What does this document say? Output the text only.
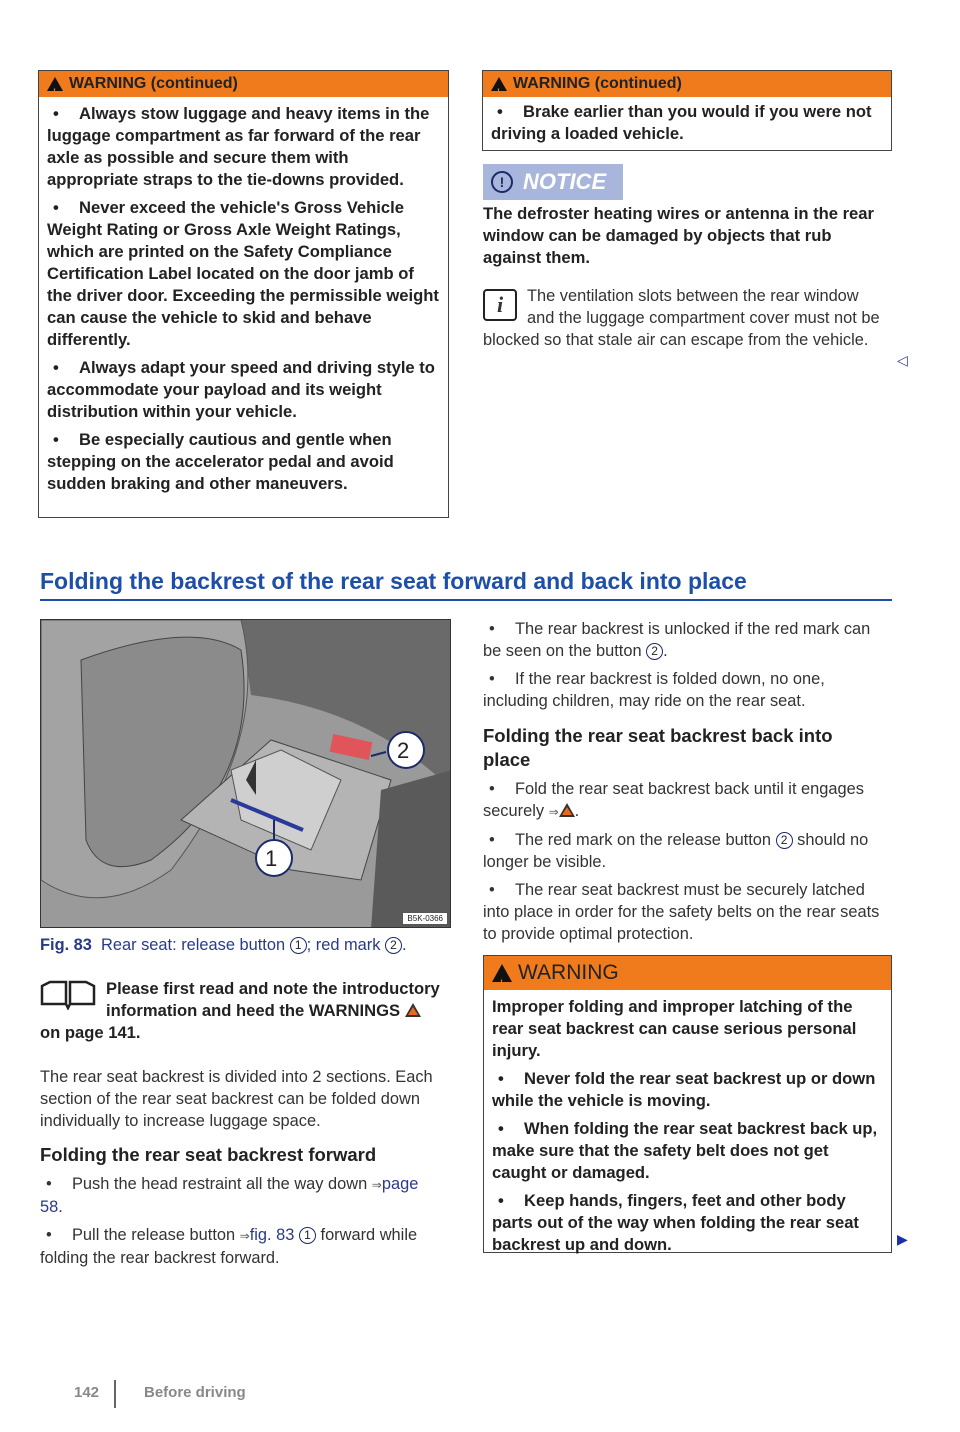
!
WARNING (continued)

• Always stow luggage and heavy items in the luggage compartment as far forward of the rear axle as possible and secure them with appropriate straps to the tie-downs provided.

• Never exceed the vehicle's Gross Vehicle Weight Rating or Gross Axle Weight Ratings, which are printed on the Safety Compliance Certification Label located on the door jamb of the driver door. Exceeding the permissible weight can cause the vehicle to skid and behave differently.

• Always adapt your speed and driving style to accommodate your payload and its weight distribution within your vehicle.

• Be especially cautious and gentle when stepping on the accelerator pedal and avoid sudden braking and other maneuvers.

!
WARNING (continued)

• Brake earlier than you would if you were not driving a loaded vehicle.

! NOTICE

The defroster heating wires or antenna in the rear window can be damaged by objects that rub against them.

i	The ventilation slots between the rear window and the luggage compartment cover must not be blocked so that stale air can escape from the vehicle.
◁
Folding the backrest of the rear seat forward and back into place
1
2
B5K-0366

Fig. 83 Rear seat: release button 1 ; red mark 2 .

Please first read and note the introductory information and heed the WARNINGS  on page 141.
The rear seat backrest is divided into 2 sections. Each section of the rear seat backrest can be folded down individually to increase luggage space.
Folding the rear seat backrest forward

• Push the head restraint all the way down ⇒page 58.

• Pull the release button ⇒fig. 83 1 forward while folding the rear backrest forward.

• The rear backrest is unlocked if the red mark can be seen on the button 2 .

• If the rear backrest is folded down, no one, including children, may ride on the rear seat.

Folding the rear seat backrest back into place

• Fold the rear seat backrest back until it engages securely ⇒ .

• The red mark on the release button 2 should no longer be visible.

• The rear seat backrest must be securely latched into place in order for the safety belts on the rear seats to provide optimal protection.

!
WARNING

Improper folding and improper latching of the rear seat backrest can cause serious personal injury.

• Never fold the rear seat backrest up or down while the vehicle is moving.

• When folding the rear seat backrest back up, make sure that the safety belt does not get caught or damaged.

• Keep hands, fingers, feet and other body parts out of the way when folding the rear seat backrest up and down.	▶
142	Before driving
